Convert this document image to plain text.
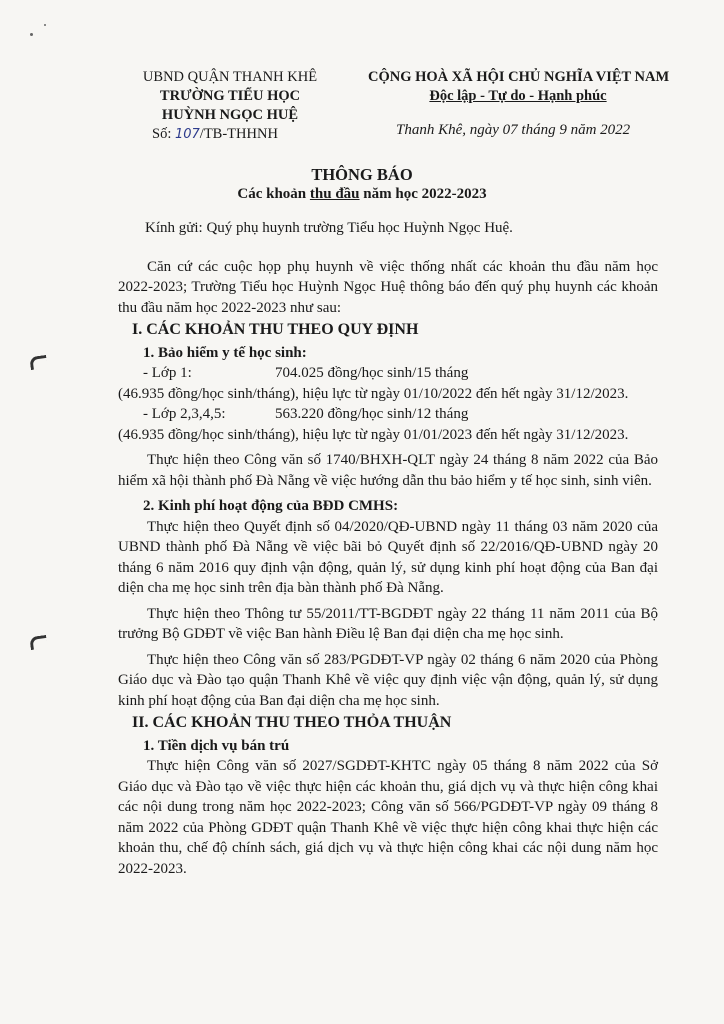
UBND QUẬN THANH KHÊ
TRƯỜNG TIỂU HỌC
HUỲNH NGỌC HUỆ
Số: 107/TB-THHNH
CỘNG HOÀ XÃ HỘI CHỦ NGHĨA VIỆT NAM
Độc lập - Tự do - Hạnh phúc
Thanh Khê, ngày 07 tháng 9 năm 2022
THÔNG BÁO
Các khoản thu đầu năm học 2022-2023

Kính gửi: Quý phụ huynh trường Tiểu học Huỳnh Ngọc Huệ.

Căn cứ các cuộc họp phụ huynh về việc thống nhất các khoản thu đầu năm học 2022-2023; Trường Tiểu học Huỳnh Ngọc Huệ thông báo đến quý phụ huynh các khoản thu đầu năm học 2022-2023 như sau:

I. CÁC KHOẢN THU THEO QUY ĐỊNH

1. Bảo hiểm y tế học sinh:

- Lớp 1:	704.025 đồng/học sinh/15 tháng

(46.935 đồng/học sinh/tháng), hiệu lực từ ngày 01/10/2022 đến hết ngày 31/12/2023.

- Lớp 2,3,4,5:	563.220 đồng/học sinh/12 tháng

(46.935 đồng/học sinh/tháng), hiệu lực từ ngày 01/01/2023 đến hết ngày 31/12/2023.

Thực hiện theo Công văn số 1740/BHXH-QLT ngày 24 tháng 8 năm 2022 của Bảo hiểm xã hội thành phố Đà Nẵng về việc hướng dẫn thu bảo hiểm y tế học sinh, sinh viên.

2. Kinh phí hoạt động của BĐD CMHS:

Thực hiện theo Quyết định số 04/2020/QĐ-UBND ngày 11 tháng 03 năm 2020 của UBND thành phố Đà Nẵng về việc bãi bỏ Quyết định số 22/2016/QĐ-UBND ngày 20 tháng 6 năm 2016 quy định vận động, quản lý, sử dụng kinh phí hoạt động của Ban đại diện cha mẹ học sinh trên địa bàn thành phố Đà Nẵng.

Thực hiện theo Thông tư 55/2011/TT-BGDĐT ngày 22 tháng 11 năm 2011 của Bộ trưởng Bộ GDĐT về việc Ban hành Điều lệ Ban đại diện cha mẹ học sinh.

Thực hiện theo Công văn số 283/PGDĐT-VP ngày 02 tháng 6 năm 2020 của Phòng Giáo dục và Đào tạo quận Thanh Khê về việc quy định việc vận động, quản lý, sử dụng kinh phí hoạt động của Ban đại diện cha mẹ học sinh.

II. CÁC KHOẢN THU THEO THỎA THUẬN

1. Tiền dịch vụ bán trú

Thực hiện Công văn số 2027/SGDĐT-KHTC ngày 05 tháng 8 năm 2022 của Sở Giáo dục và Đào tạo về việc thực hiện các khoản thu, giá dịch vụ và thực hiện công khai các nội dung trong năm học 2022-2023; Công văn số 566/PGDĐT-VP ngày 09 tháng 8 năm 2022 của Phòng GDĐT quận Thanh Khê về việc thực hiện công khai thực hiện các khoản thu, chế độ chính sách, giá dịch vụ và thực hiện công khai các nội dung năm học 2022-2023.
